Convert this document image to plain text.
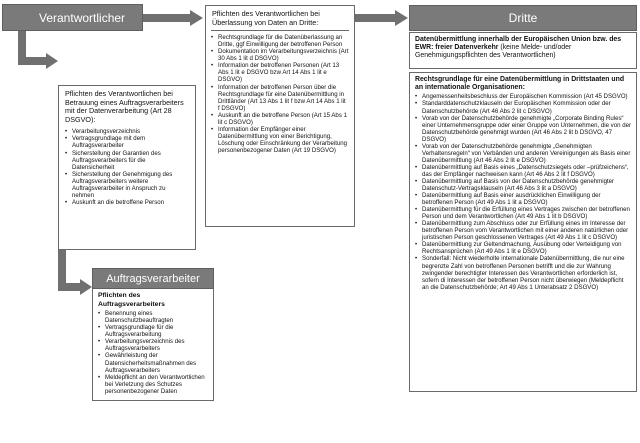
Verantwortlicher
Pflichten des Verantwortlichen bei Betrauung eines Auftragsverarbeiters mit der Datenverarbeitung (Art 28 DSGVO):
• Verarbeitungsverzeichnis
• Vertragsgrundlage mit dem Auftragsverarbeiter
• Sicherstellung der Garantien des Auftragsverarbeiters für die Datensicherheit
• Sicherstellung der Genehmigung des Auftragsverarbeiters weitere Auftragsverarbeiter in Anspruch zu nehmen
• Auskunft an die betroffene Person
Pflichten des Verantwortlichen bei Überlassung von Daten an Dritte:
• Rechtsgrundlage für die Datenüberlassung an Dritte, ggf Einwilligung der betroffenen Person
• Dokumentation im Verarbeitungsverzeichnis (Art 30 Abs 1 lit d DSGVO)
• Information der betroffenen Personen (Art 13 Abs 1 lit e DSGVO bzw Art 14 Abs 1 lit e DSGVO)
• Information der betroffenen Person über die Rechtsgrundlage für eine Datenübermittlung in Drittländer (Art 13 Abs 1 lit f bzw Art 14 Abs 1 lit f DSGVO)
• Auskunft an die betroffene Person (Art 15 Abs 1 lit c DSGVO)
• Information der Empfänger einer Datenübermittlung von einer Berichtigung, Löschung oder Einschränkung der Verarbeitung personenbezogener Daten (Art 19 DSGVO)
Auftragsverarbeiter
Pflichten des Auftragsverarbeiters
• Benennung eines Datenschutzbeauftragten
• Vertragsgrundlage für die Auftragsverarbeitung
• Verarbeitungsverzeichnis des Auftragsverarbeiters
• Gewährleistung der Datensicherheitsmaßnahmen des Auftragsverarbeiters
• Meldepflicht an den Verantwortlichen bei Verletzung des Schutzes personenbezogener Daten
Dritte
Datenübermittlung innerhalb der Europäischen Union bzw. des EWR: freier Datenverkehr (keine Melde- und/oder Genehmigungspflichten des Verantwortlichen)
Rechtsgrundlage für eine Datenübermittlung in Drittstaaten und an internationale Organisationen:
• Angemessenheitsbeschluss der Europäischen Kommission (Art 45 DSGVO)
• Standarddatenschutzklauseln der Europäischen Kommission oder der Datenschutzbehörde (Art 46 Abs 2 lit c DSGVO)
• Vorab von der Datenschutzbehörde genehmigte „Corporate Binding Rules“ einer Unternehmensgruppe oder einer Gruppe von Unternehmen, die von der Datenschutzbehörde genehmigt wurden (Art 46 Abs 2 lit b DSGVO, 47 DSGVO)
• Vorab von der Datenschutzbehörde genehmigte „Genehmigten Verhaltensregeln“ von Verbänden und anderen Vereinigungen als Basis einer Datenübermittlung (Art 46 Abs 2 lit e DSGVO)
• Datenübermittlung auf Basis eines „Datenschutzsiegels oder –prüfzeichens“, das der Empfänger nachweisen kann (Art 46 Abs 2 lit f DSGVO)
• Datenübermittlung auf Basis von der Datenschutzbehörde genehmigter Datenschutz-Vertragsklauseln (Art 46 Abs 3 lit a DSGVO)
• Datenübermittlung auf Basis einer ausdrücklichen Einwilligung der betroffenen Person (Art 49 Abs 1 lit a DSGVO)
• Datenübermittlung für die Erfüllung eines Vertrages zwischen der betroffenen Person und dem Verantwortlichen (Art 49 Abs 1 lit b DSGVO)
• Datenübermittlung zum Abschluss oder zur Erfüllung eines im Interesse der betroffenen Person vom Verantwortlichen mit einer anderen natürlichen oder juristischen Person geschlossenen Vertrages (Art 49 Abs 1 lit c DSGVO)
• Datenübermittlung zur Geltendmachung, Ausübung oder Verteidigung von Rechtsansprüchen (Art 49 Abs 1 lit e DSGVO)
• Sonderfall: Nicht wiederholte internationale Datenübermittlung, die nur eine begrenzte Zahl von betroffenen Personen betrifft und die zur Wahrung zwingender berechtigter Interessen des Verantwortlichen erforderlich ist, sofern di Interessen der betroffenen Person nicht überwiegen (Meldepflicht an die Datenschutzbehörde; Art 49 Abs 1 Unterabsatz 2 DSGVO)
